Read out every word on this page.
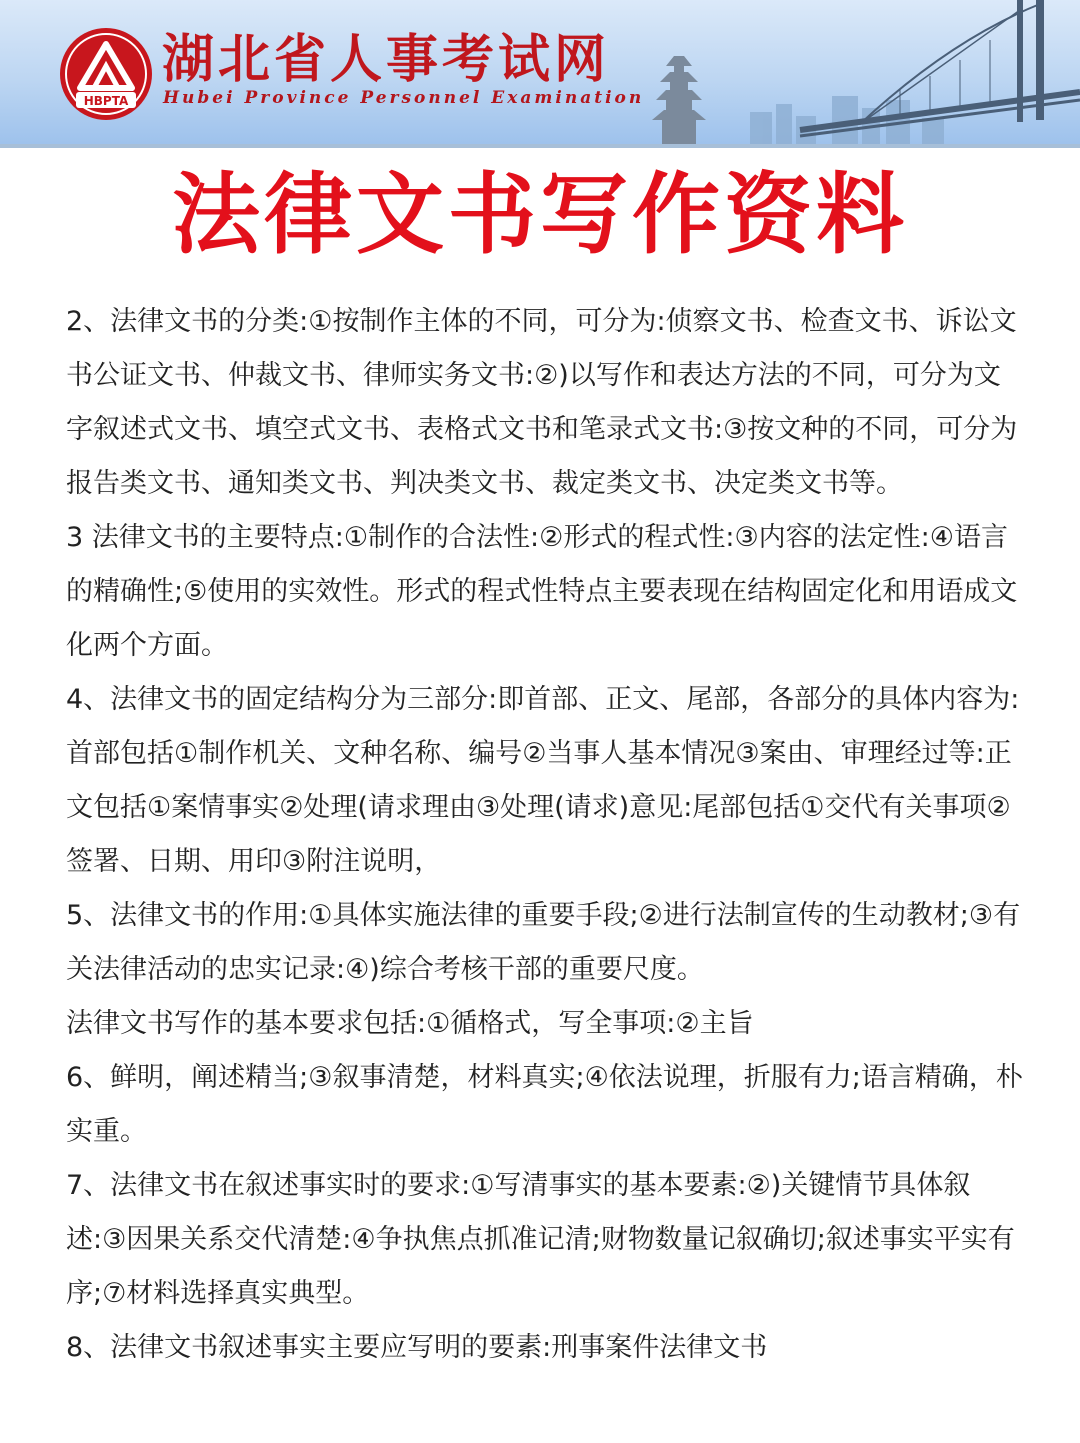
HBPTA
湖北省人事考试网
Hubei Province Personnel Examination
法律文书写作资料

2、法律文书的分类:①按制作主体的不同，可分为:侦察文书、检查文书、诉讼文书公证文书、仲裁文书、律师实务文书:②)以写作和表达方法的不同，可分为文字叙述式文书、填空式文书、表格式文书和笔录式文书:③按文种的不同，可分为报告类文书、通知类文书、判决类文书、裁定类文书、决定类文书等。

3 法律文书的主要特点:①制作的合法性:②形式的程式性:③内容的法定性:④语言的精确性;⑤使用的实效性。形式的程式性特点主要表现在结构固定化和用语成文化两个方面。

4、法律文书的固定结构分为三部分:即首部、正文、尾部，各部分的具体内容为:首部包括①制作机关、文种名称、编号②当事人基本情况③案由、审理经过等:正文包括①案情事实②处理(请求理由③处理(请求)意见:尾部包括①交代有关事项②签署、日期、用印③附注说明，

5、法律文书的作用:①具体实施法律的重要手段;②进行法制宣传的生动教材;③有关法律活动的忠实记录:④)综合考核干部的重要尺度。

法律文书写作的基本要求包括:①循格式，写全事项:②主旨

6、鲜明，阐述精当;③叙事清楚，材料真实;④依法说理，折服有力;语言精确，朴实重。

7、法律文书在叙述事实时的要求:①写清事实的基本要素:②)关键情节具体叙述:③因果关系交代清楚:④争执焦点抓准记清;财物数量记叙确切;叙述事实平实有序;⑦材料选择真实典型。

8、法律文书叙述事实主要应写明的要素:刑事案件法律文书
